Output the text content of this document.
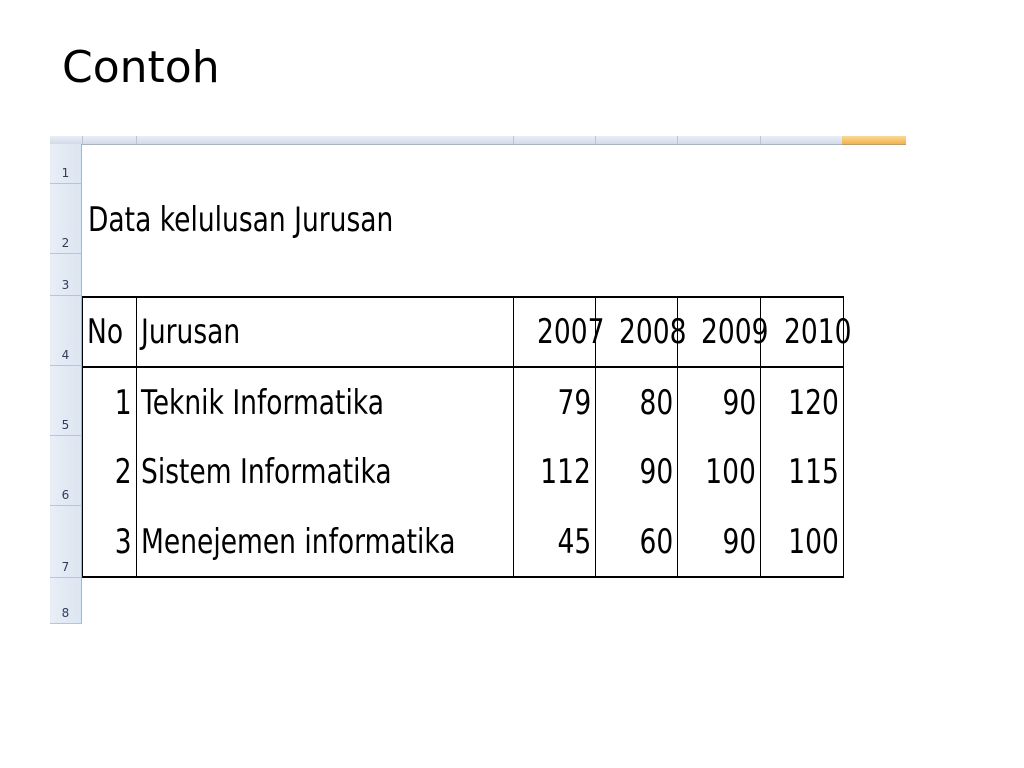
Contoh
1
2
3
4
5
6
7
8
Data kelulusan Jurusan
No	Jurusan	2007	2008	2009	2010
1	Teknik Informatika	79	80	90	120
2	Sistem Informatika	112	90	100	115
3	Menejemen informatika	45	60	90	100
